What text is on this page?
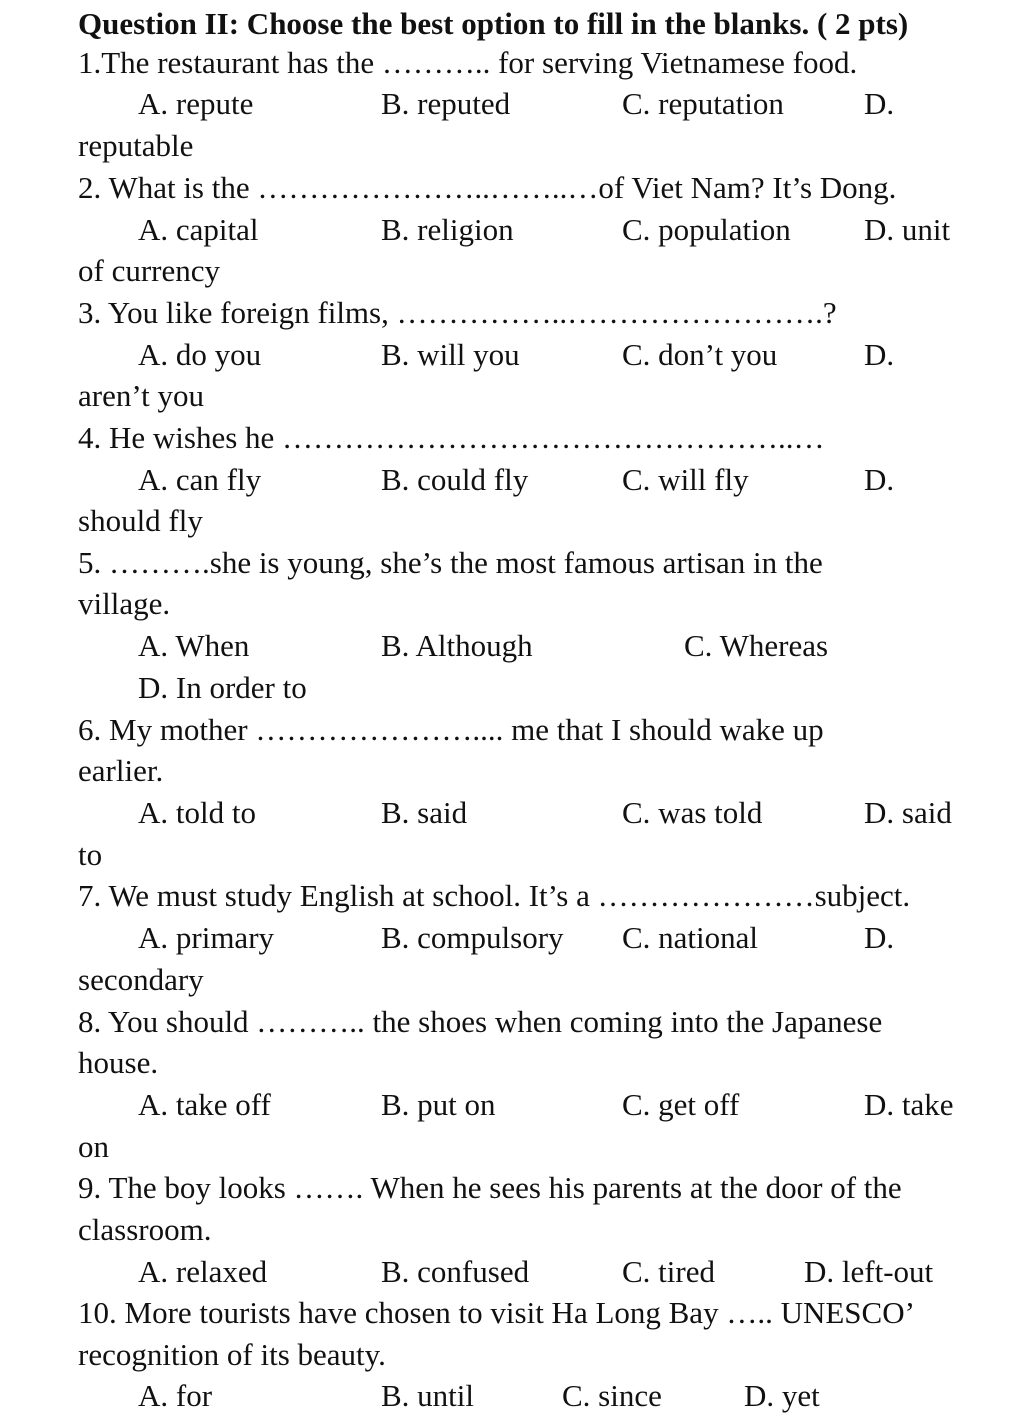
Question II: Choose the best option to fill in the blanks. ( 2 pts)
1.The restaurant has the ……….. for serving Vietnamese food.
A. repute	B. reputed	C. reputation	D.
reputable
2. What is the …………………..……..…of Viet Nam? It’s Dong.
A. capital	B. religion	C. population D. unit
of currency
3. You like foreign films, ……………..…………………….?
A. do you	B. will you	C. don’t you	D.
aren’t you
4. He wishes he …………………………………………..…
A. can fly	B. could fly	C. will fly	D.
should fly
5. ……….she is young, she’s the most famous artisan in the
village.
A. When	B. Although	C. Whereas
D. In order to
6. My mother ………………….... me that I should wake up
earlier.
A. told to	B. said	C. was told	D. said
to
7. We must study English at school. It’s a …………………subject.
A. primary	B. compulsory C. national	D.
secondary
8. You should ……….. the shoes when coming into the Japanese
house.
A. take off	B. put on	C. get off	D. take
on
9. The boy looks ……. When he sees his parents at the door of the
classroom.
A. relaxed	B. confused	C. tired	D. left-out
10. More tourists have chosen to visit Ha Long Bay ….. UNESCO’
recognition of its beauty.
A. for	B. until	C. since	D. yet
